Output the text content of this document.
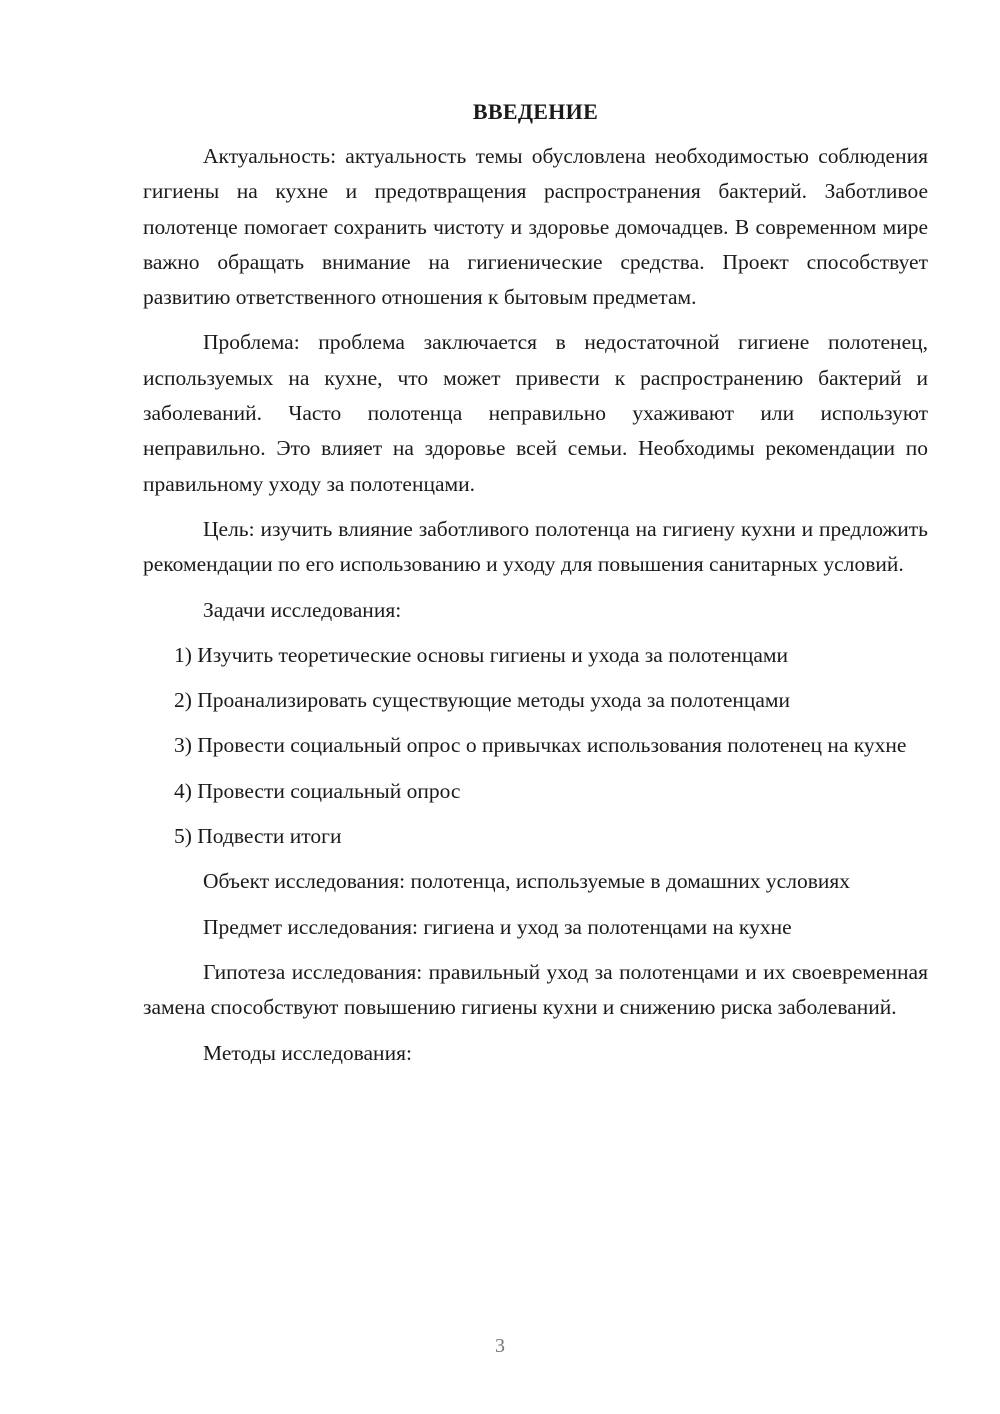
ВВЕДЕНИЕ

Актуальность: актуальность темы обусловлена необходимостью соблюдения гигиены на кухне и предотвращения распространения бактерий. Заботливое полотенце помогает сохранить чистоту и здоровье домочадцев. В современном мире важно обращать внимание на гигиенические средства. Проект способствует развитию ответственного отношения к бытовым предметам.

Проблема: проблема заключается в недостаточной гигиене полотенец, используемых на кухне, что может привести к распространению бактерий и заболеваний. Часто полотенца неправильно ухаживают или используют неправильно. Это влияет на здоровье всей семьи. Необходимы рекомендации по правильному уходу за полотенцами.

Цель: изучить влияние заботливого полотенца на гигиену кухни и предложить рекомендации по его использованию и уходу для повышения санитарных условий.

Задачи исследования:

1) Изучить теоретические основы гигиены и ухода за полотенцами

2) Проанализировать существующие методы ухода за полотенцами

3) Провести социальный опрос о привычках использования полотенец на кухне

4) Провести социальный опрос

5) Подвести итоги

Объект исследования: полотенца, используемые в домашних условиях

Предмет исследования: гигиена и уход за полотенцами на кухне

Гипотеза исследования: правильный уход за полотенцами и их своевременная замена способствуют повышению гигиены кухни и снижению риска заболеваний.

Методы исследования:

3
